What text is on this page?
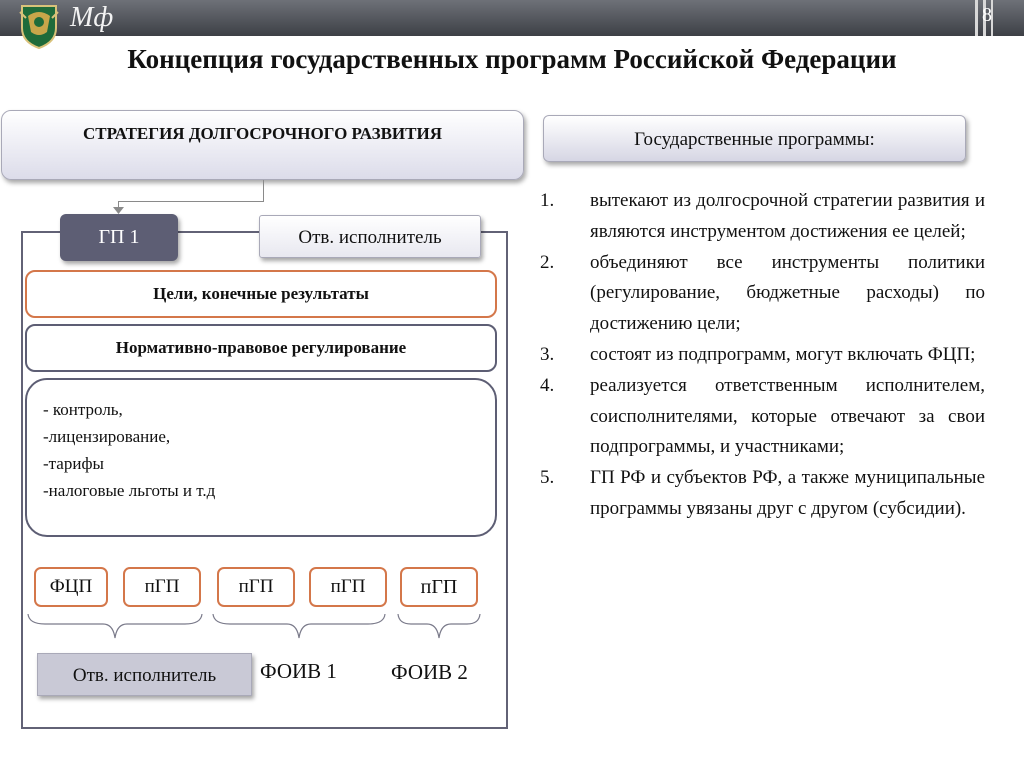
Мф	8
Концепция государственных программ Российской Федерации
СТРАТЕГИЯ ДОЛГОСРОЧНОГО РАЗВИТИЯ	Государственные программы:
ГП 1	Отв. исполнитель
Цели, конечные результаты
Нормативно-правовое регулирование
- контроль,
-лицензирование,
-тарифы
-налоговые льготы и т.д
ФЦП	пГП	пГП	пГП	пГП
Отв. исполнитель	ФОИВ 1	ФОИВ 2
1.	вытекают из долгосрочной стратегии развития и являются инструментом достижения ее целей;
2.	объединяют все инструменты политики (регулирование, бюджетные расходы) по достижению цели;
3.	состоят из подпрограмм, могут включать ФЦП;
4.	реализуется ответственным исполнителем, соисполнителями, которые отвечают за свои подпрограммы, и участниками;
5.	ГП РФ и субъектов РФ, а также муниципальные программы увязаны друг с другом (субсидии).
